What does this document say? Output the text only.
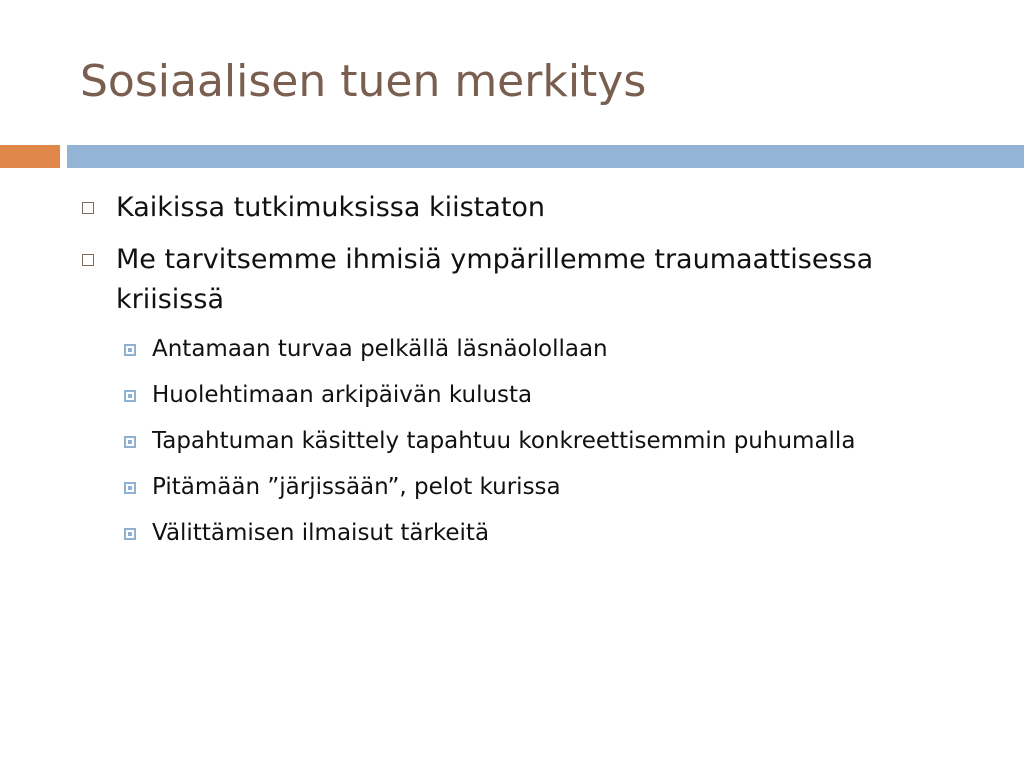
Sosiaalisen tuen merkitys
Kaikissa tutkimuksissa kiistaton
Me tarvitsemme ihmisiä ympärillemme traumaattisessa kriisissä
Antamaan turvaa pelkällä läsnäolollaan
Huolehtimaan arkipäivän kulusta
Tapahtuman käsittely tapahtuu konkreettisemmin puhumalla
Pitämään ”järjissään”, pelot kurissa
Välittämisen ilmaisut tärkeitä
